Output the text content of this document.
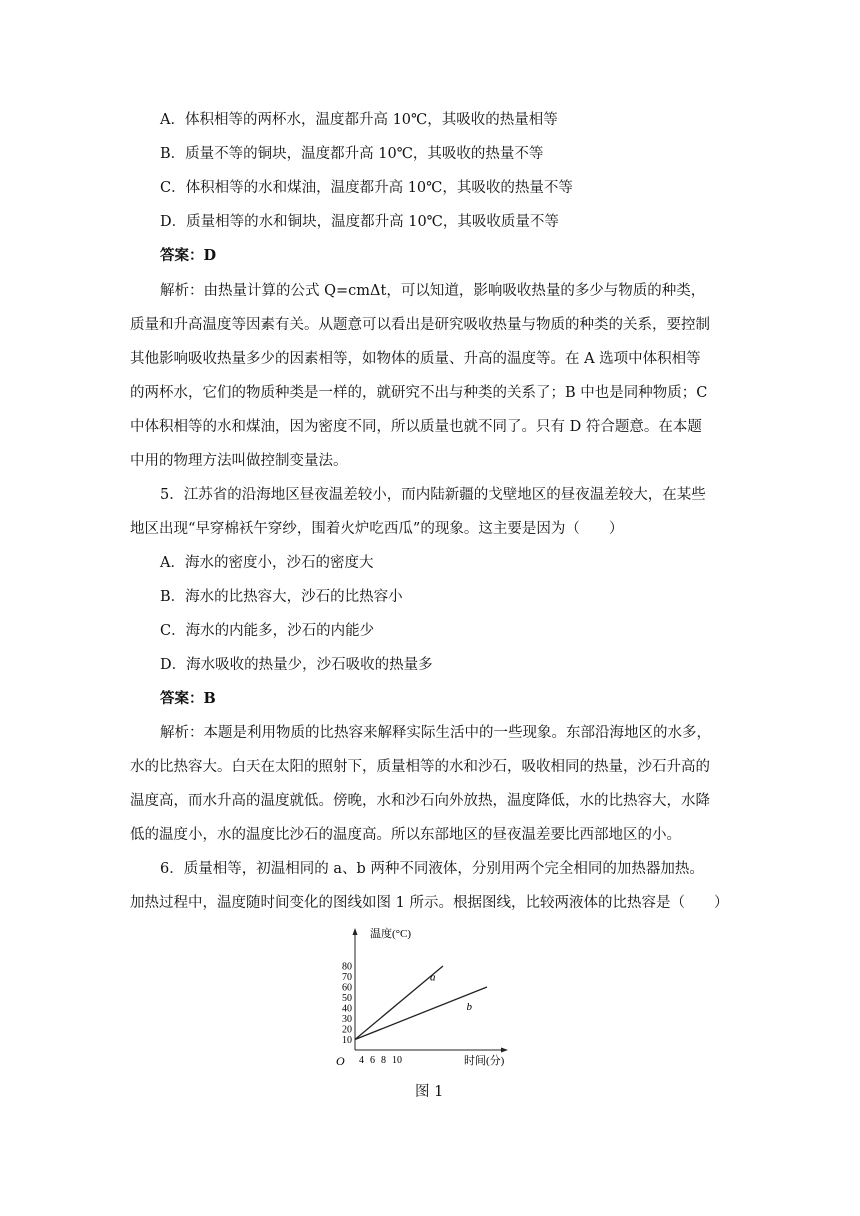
A．体积相等的两杯水，温度都升高 10℃，其吸收的热量相等
B．质量不等的铜块，温度都升高 10℃，其吸收的热量不等
C．体积相等的水和煤油，温度都升高 10℃，其吸收的热量不等
D．质量相等的水和铜块，温度都升高 10℃，其吸收质量不等
答案：D
解析：由热量计算的公式 Q=cmΔt，可以知道，影响吸收热量的多少与物质的种类，
质量和升高温度等因素有关。从题意可以看出是研究吸收热量与物质的种类的关系，要控制
其他影响吸收热量多少的因素相等，如物体的质量、升高的温度等。在 A 选项中体积相等
的两杯水，它们的物质种类是一样的，就研究不出与种类的关系了；B 中也是同种物质；C
中体积相等的水和煤油，因为密度不同，所以质量也就不同了。只有 D 符合题意。在本题
中用的物理方法叫做控制变量法。
5．江苏省的沿海地区昼夜温差较小，而内陆新疆的戈壁地区的昼夜温差较大，在某些
地区出现“早穿棉袄午穿纱，围着火炉吃西瓜”的现象。这主要是因为（　　）
A．海水的密度小，沙石的密度大
B．海水的比热容大，沙石的比热容小
C．海水的内能多，沙石的内能少
D．海水吸收的热量少，沙石吸收的热量多
答案：B
解析：本题是利用物质的比热容来解释实际生活中的一些现象。东部沿海地区的水多，
水的比热容大。白天在太阳的照射下，质量相等的水和沙石，吸收相同的热量，沙石升高的
温度高，而水升高的温度就低。傍晚，水和沙石向外放热，温度降低，水的比热容大，水降
低的温度小，水的温度比沙石的温度高。所以东部地区的昼夜温差要比西部地区的小。
6．质量相等，初温相同的 a、b 两种不同液体，分别用两个完全相同的加热器加热。
加热过程中，温度随时间变化的图线如图 1 所示。根据图线，比较两液体的比热容是（　　）
温度(°C)
时间(分)
O
10
20
30
40
50
60
70
80
4 6 8 10
a
b
图 1
